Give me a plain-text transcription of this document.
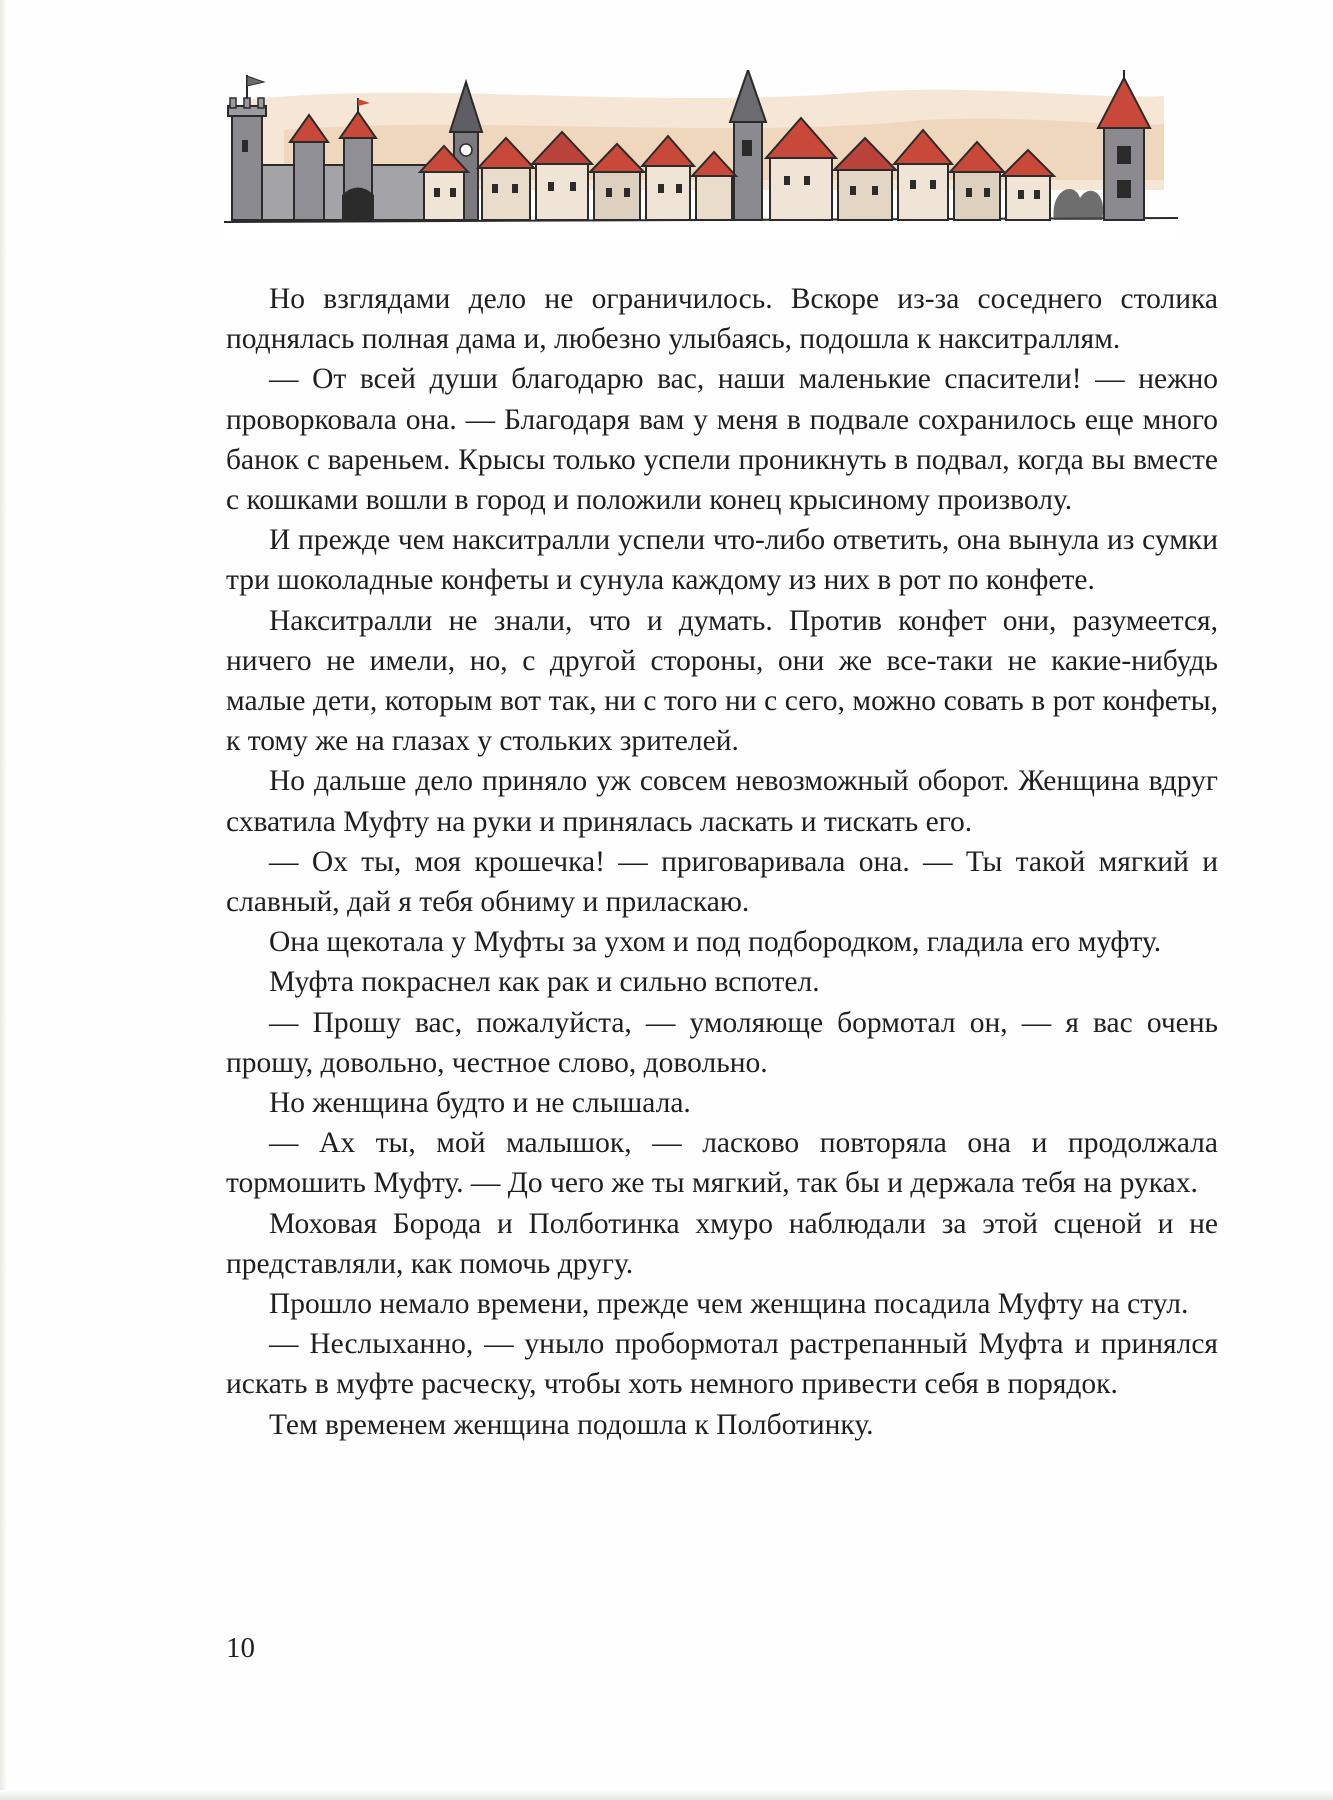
Но взглядами дело не ограничилось. Вскоре из-за соседнего столика поднялась полная дама и, любезно улыбаясь, подошла к накситраллям.

— От всей души благодарю вас, наши маленькие спасители! — нежно проворковала она. — Благодаря вам у меня в подвале сохранилось еще много банок с вареньем. Крысы только успели проникнуть в подвал, когда вы вместе с кошками вошли в город и положили конец крысиному произволу.

И прежде чем накситралли успели что-либо ответить, она вынула из сумки три шоколадные конфеты и сунула каждому из них в рот по конфете.

Накситралли не знали, что и думать. Против конфет они, разумеется, ничего не имели, но, с другой стороны, они же все-таки не какие-нибудь малые дети, которым вот так, ни с того ни с сего, можно совать в рот конфеты, к тому же на глазах у стольких зрителей.

Но дальше дело приняло уж совсем невозможный оборот. Женщина вдруг схватила Муфту на руки и принялась ласкать и тискать его.

— Ох ты, моя крошечка! — приговаривала она. — Ты такой мягкий и славный, дай я тебя обниму и приласкаю.

Она щекотала у Муфты за ухом и под подбородком, гладила его муфту.

Муфта покраснел как рак и сильно вспотел.

— Прошу вас, пожалуйста, — умоляюще бормотал он, — я вас очень прошу, довольно, честное слово, довольно.

Но женщина будто и не слышала.

— Ах ты, мой малышок, — ласково повторяла она и продолжала тормошить Муфту. — До чего же ты мягкий, так бы и держала тебя на руках.

Моховая Борода и Полботинка хмуро наблюдали за этой сценой и не представляли, как помочь другу.

Прошло немало времени, прежде чем женщина посадила Муфту на стул.

— Неслыханно, — уныло пробормотал растрепанный Муфта и принялся искать в муфте расческу, чтобы хоть немного привести себя в порядок.

Тем временем женщина подошла к Полботинку.

10
